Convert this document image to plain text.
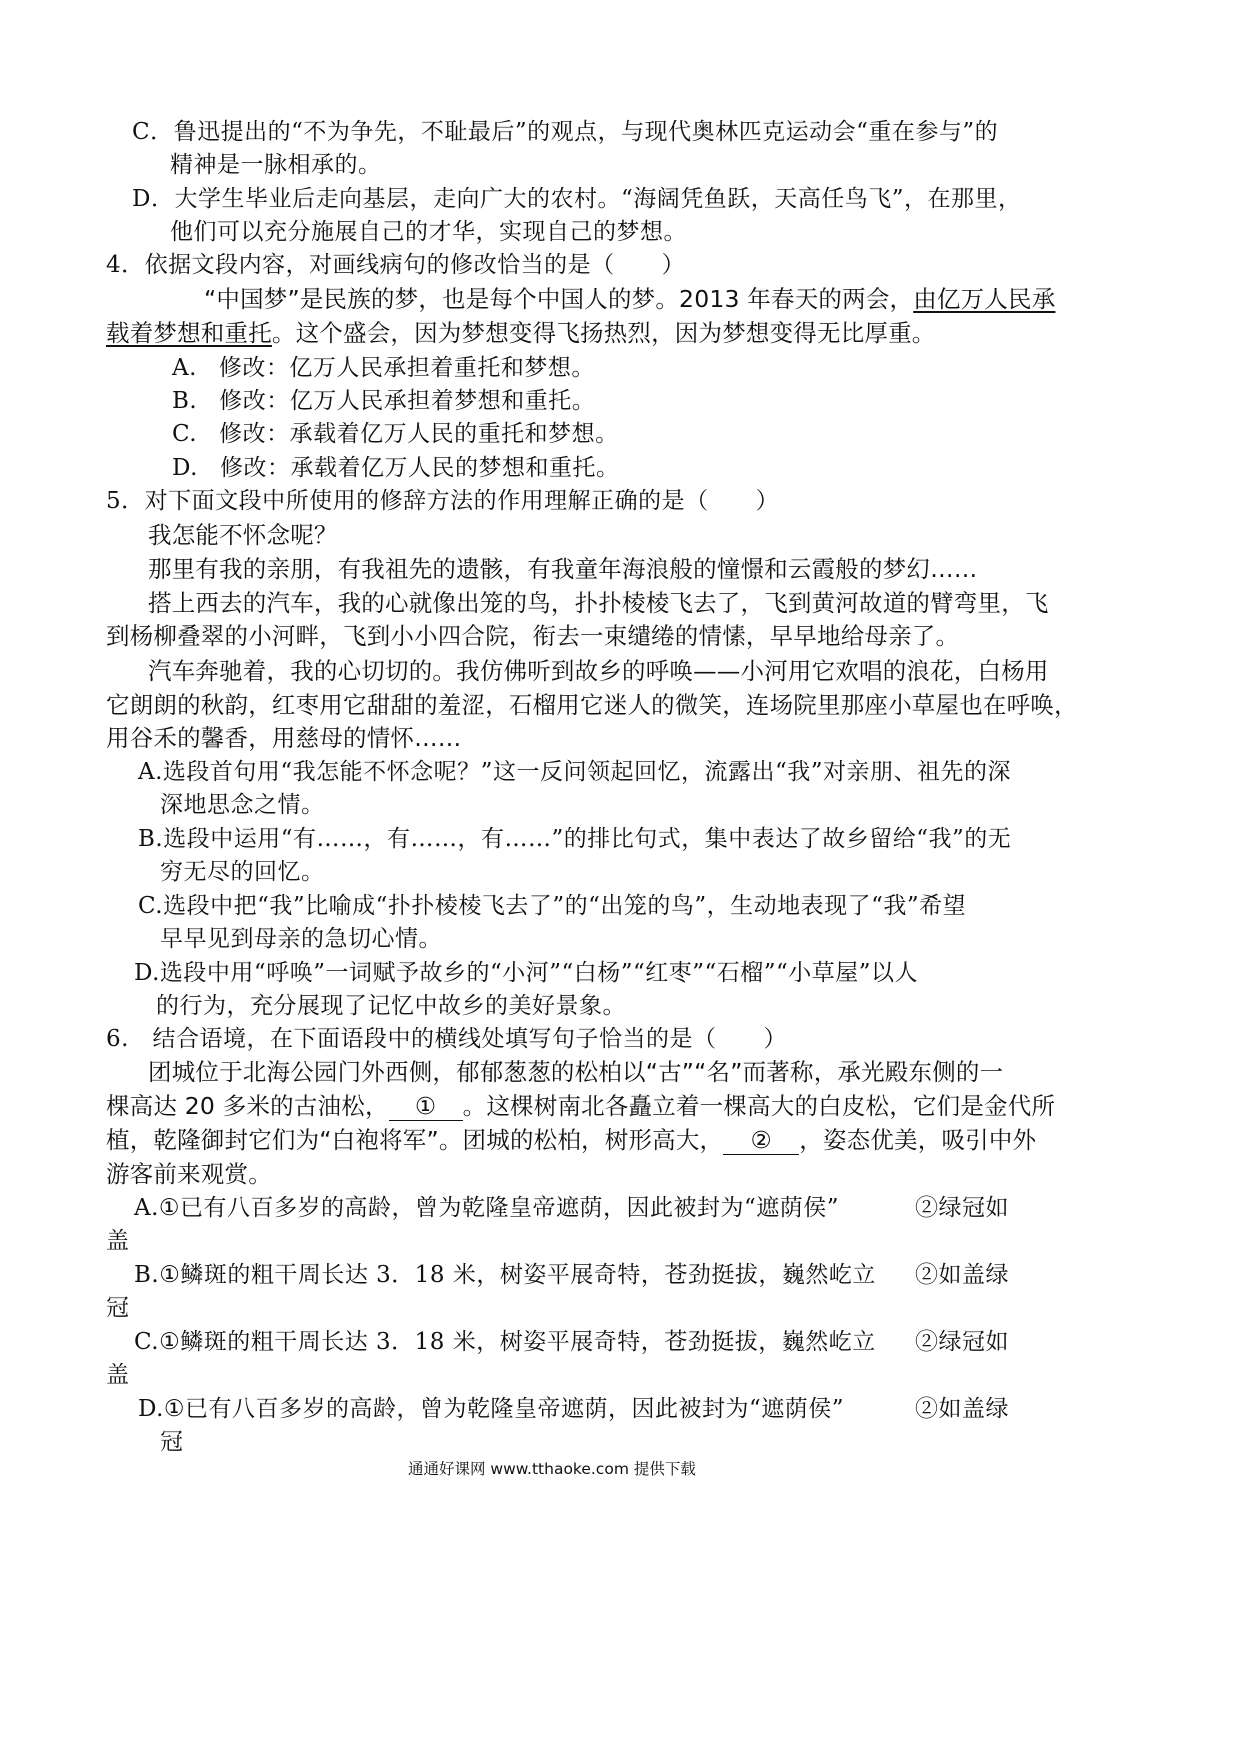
C．鲁迅提出的“不为争先，不耻最后”的观点，与现代奥林匹克运动会“重在参与”的
精神是一脉相承的。
D．大学生毕业后走向基层，走向广大的农村。“海阔凭鱼跃，天高任鸟飞”，在那里，
他们可以充分施展自己的才华，实现自己的梦想。
4．依据文段内容，对画线病句的修改恰当的是（　　）
“中国梦”是民族的梦，也是每个中国人的梦。2013 年春天的两会，由亿万人民承
载着梦想和重托。这个盛会，因为梦想变得飞扬热烈，因为梦想变得无比厚重。
A. 修改：亿万人民承担着重托和梦想。
B. 修改：亿万人民承担着梦想和重托。
C. 修改：承载着亿万人民的重托和梦想。
D. 修改：承载着亿万人民的梦想和重托。
5．对下面文段中所使用的修辞方法的作用理解正确的是（　　）
我怎能不怀念呢？
那里有我的亲朋，有我祖先的遗骸，有我童年海浪般的憧憬和云霞般的梦幻……
搭上西去的汽车，我的心就像出笼的鸟，扑扑棱棱飞去了，飞到黄河故道的臂弯里，飞
到杨柳叠翠的小河畔，飞到小小四合院，衔去一束缱绻的情愫，早早地给母亲了。
汽车奔驰着，我的心切切的。我仿佛听到故乡的呼唤——小河用它欢唱的浪花，白杨用
它朗朗的秋韵，红枣用它甜甜的羞涩，石榴用它迷人的微笑，连场院里那座小草屋也在呼唤，
用谷禾的馨香，用慈母的情怀……
A.选段首句用“我怎能不怀念呢？”这一反问领起回忆，流露出“我”对亲朋、祖先的深
深地思念之情。
B.选段中运用“有……，有……，有……”的排比句式，集中表达了故乡留给“我”的无
穷无尽的回忆。
C.选段中把“我”比喻成“扑扑棱棱飞去了”的“出笼的鸟”，生动地表现了“我”希望
早早见到母亲的急切心情。
D.选段中用“呼唤”一词赋予故乡的“小河”“白杨”“红枣”“石榴”“小草屋”以人
的行为，充分展现了记忆中故乡的美好景象。
6.　结合语境，在下面语段中的横线处填写句子恰当的是（　　）
团城位于北海公园门外西侧，郁郁葱葱的松柏以“古”“名”而著称，承光殿东侧的一
棵高达 20 多米的古油松， ① 。这棵树南北各矗立着一棵高大的白皮松，它们是金代所
植，乾隆御封它们为“白袍将军”。团城的松柏，树形高大， ② ，姿态优美，吸引中外
游客前来观赏。
A.①已有八百多岁的高龄，曾为乾隆皇帝遮荫，因此被封为“遮荫侯”	②绿冠如
盖
B.①鳞斑的粗干周长达 3．18 米，树姿平展奇特，苍劲挺拔，巍然屹立 ②如盖绿
冠
C.①鳞斑的粗干周长达 3．18 米，树姿平展奇特，苍劲挺拔，巍然屹立 ②绿冠如
盖
D.①已有八百多岁的高龄，曾为乾隆皇帝遮荫，因此被封为“遮荫侯”	②如盖绿
冠
通通好课网 www.tthaoke.com 提供下载
